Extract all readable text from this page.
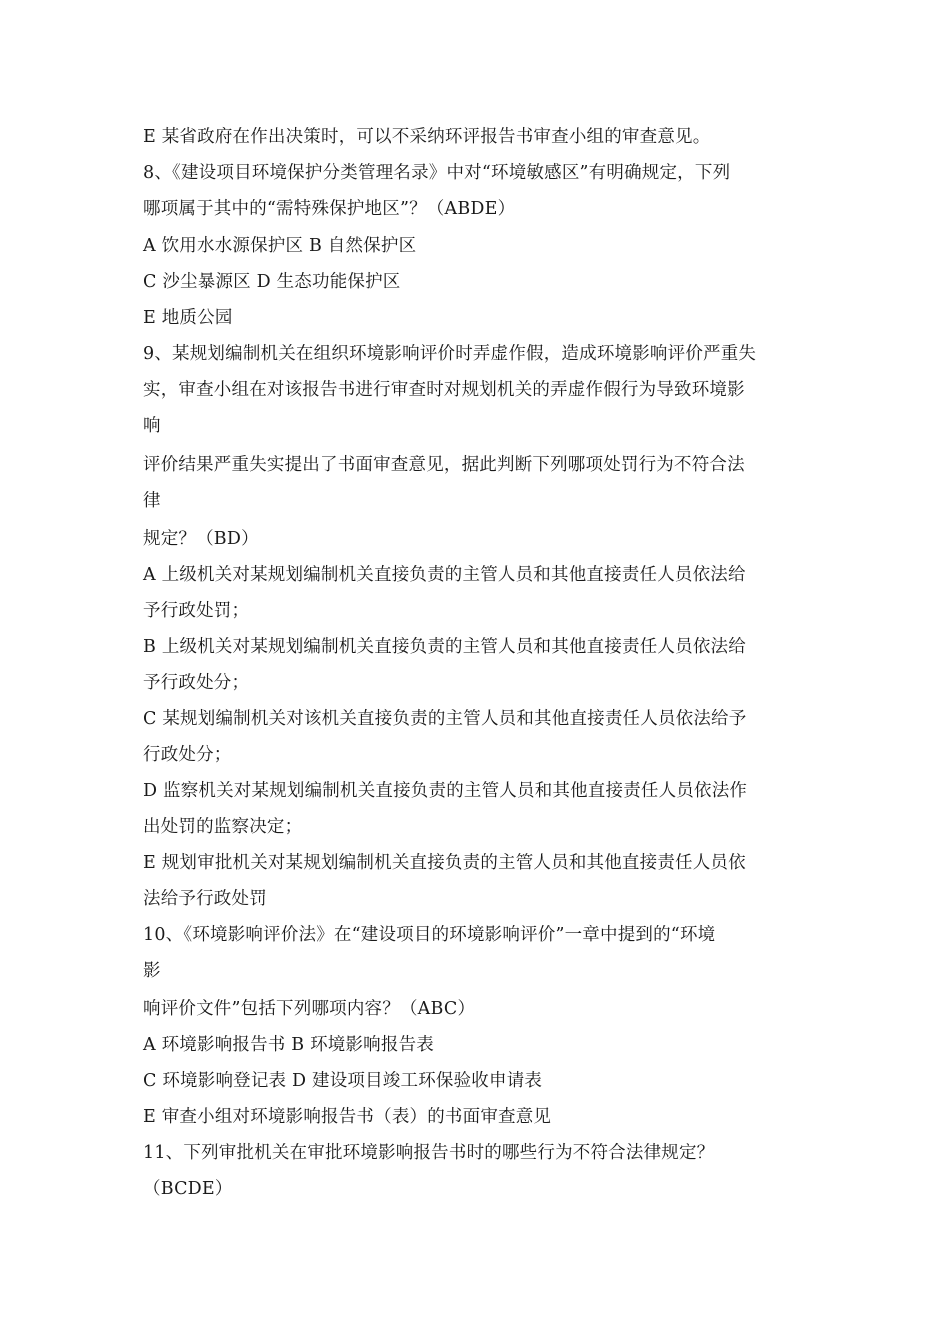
E 某省政府在作出决策时，可以不采纳环评报告书审查小组的审查意见。
8、《建设项目环境保护分类管理名录》中对“环境敏感区”有明确规定，下列
哪项属于其中的“需特殊保护地区”？（ABDE）
A 饮用水水源保护区 B 自然保护区
C 沙尘暴源区 D 生态功能保护区
E 地质公园
9、某规划编制机关在组织环境影响评价时弄虚作假，造成环境影响评价严重失
实，审查小组在对该报告书进行审查时对规划机关的弄虚作假行为导致环境影
响
评价结果严重失实提出了书面审查意见，据此判断下列哪项处罚行为不符合法
律
规定？（BD）
A 上级机关对某规划编制机关直接负责的主管人员和其他直接责任人员依法给
予行政处罚；
B 上级机关对某规划编制机关直接负责的主管人员和其他直接责任人员依法给
予行政处分；
C 某规划编制机关对该机关直接负责的主管人员和其他直接责任人员依法给予
行政处分；
D 监察机关对某规划编制机关直接负责的主管人员和其他直接责任人员依法作
出处罚的监察决定；
E 规划审批机关对某规划编制机关直接负责的主管人员和其他直接责任人员依
法给予行政处罚
10、《环境影响评价法》在“建设项目的环境影响评价”一章中提到的“环境
影
响评价文件”包括下列哪项内容？（ABC）
A 环境影响报告书 B 环境影响报告表
C 环境影响登记表 D 建设项目竣工环保验收申请表
E 审查小组对环境影响报告书（表）的书面审查意见
11、下列审批机关在审批环境影响报告书时的哪些行为不符合法律规定？
（BCDE）
